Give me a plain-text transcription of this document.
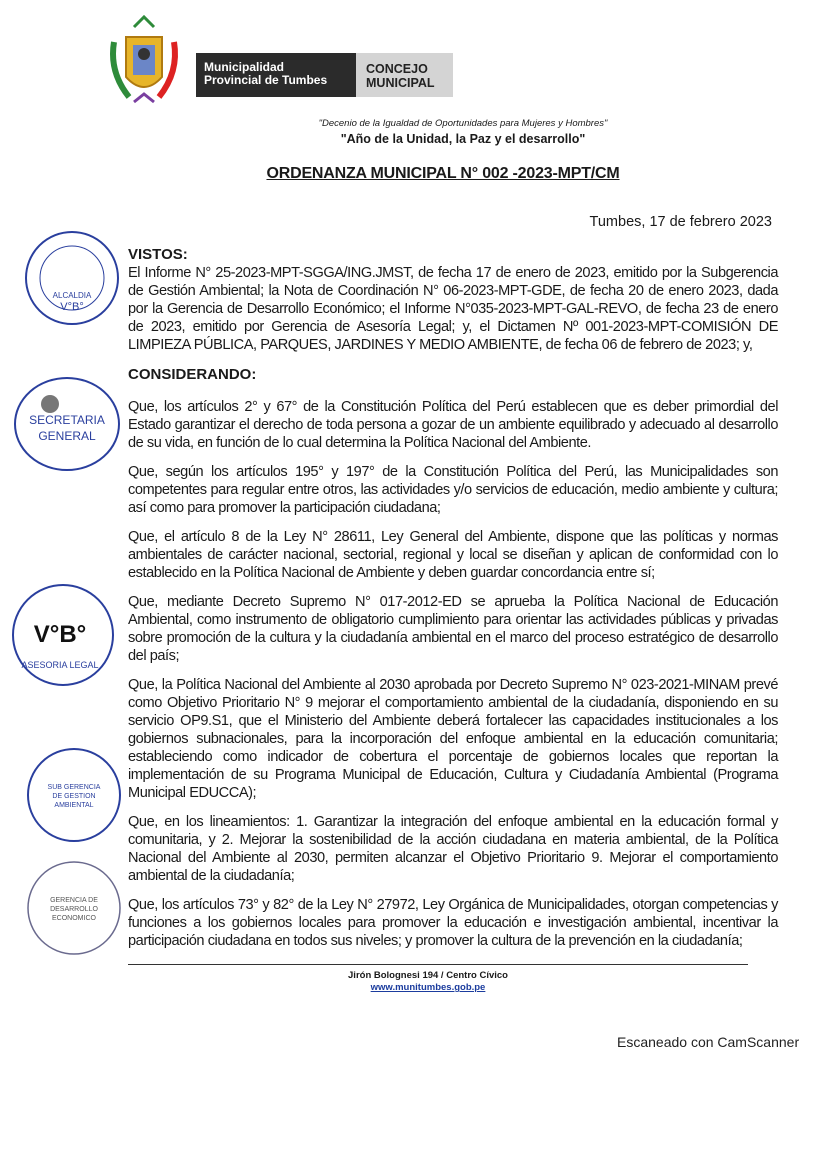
Municipalidad
Provincial de Tumbes
CONCEJO
MUNICIPAL
"Decenio de la Igualdad de Oportunidades para Mujeres y Hombres"
"Año de la Unidad, la Paz y el desarrollo"
ORDENANZA MUNICIPAL N° 002 -2023-MPT/CM
Tumbes, 17 de febrero 2023
ALCALDIA
V°B°
SECRETARIA
GENERAL
V°B°
ASESORIA LEGAL
SUB GERENCIA
DE GESTION
AMBIENTAL
GERENCIA DE
DESARROLLO
ECONOMICO
VISTOS:
El Informe N° 25-2023-MPT-SGGA/ING.JMST, de fecha 17 de enero de 2023, emitido por la Subgerencia de Gestión Ambiental; la Nota de Coordinación N° 06-2023-MPT-GDE, de fecha 20 de enero 2023, dada por la Gerencia de Desarrollo Económico; el Informe N°035-2023-MPT-GAL-REVO, de fecha 23 de enero de 2023, emitido por Gerencia de Asesoría Legal; y, el Dictamen Nº 001-2023-MPT-COMISIÓN DE LIMPIEZA PÚBLICA, PARQUES, JARDINES Y MEDIO AMBIENTE, de fecha 06 de febrero de 2023; y,
CONSIDERANDO:
Que, los artículos 2° y 67° de la Constitución Política del Perú establecen que es deber primordial del Estado garantizar el derecho de toda persona a gozar de un ambiente equilibrado y adecuado al desarrollo de su vida, en función de lo cual determina la Política Nacional del Ambiente.
Que, según los artículos 195° y 197° de la Constitución Política del Perú, las Municipalidades son competentes para regular entre otros, las actividades y/o servicios de educación, medio ambiente y cultura; así como para promover la participación ciudadana;
Que, el artículo 8 de la Ley N° 28611, Ley General del Ambiente, dispone que las políticas y normas ambientales de carácter nacional, sectorial, regional y local se diseñan y aplican de conformidad con lo establecido en la Política Nacional de Ambiente y deben guardar concordancia entre sí;
Que, mediante Decreto Supremo N° 017-2012-ED se aprueba la Política Nacional de Educación Ambiental, como instrumento de obligatorio cumplimiento para orientar las actividades públicas y privadas sobre promoción de la cultura y la ciudadanía ambiental en el marco del proceso estratégico de desarrollo del país;
Que, la Política Nacional del Ambiente al 2030 aprobada por Decreto Supremo N° 023-2021-MINAM prevé como Objetivo Prioritario N° 9 mejorar el comportamiento ambiental de la ciudadanía, disponiendo en su servicio OP9.S1, que el Ministerio del Ambiente deberá fortalecer las capacidades institucionales a los gobiernos subnacionales, para la incorporación del enfoque ambiental en la educación comunitaria; estableciendo como indicador de cobertura el porcentaje de gobiernos locales que reportan la implementación de su Programa Municipal de Educación, Cultura y Ciudadanía Ambiental (Programa Municipal EDUCCA);
Que, en los lineamientos: 1. Garantizar la integración del enfoque ambiental en la educación formal y comunitaria, y 2. Mejorar la sostenibilidad de la acción ciudadana en materia ambiental, de la Política Nacional del Ambiente al 2030, permiten alcanzar el Objetivo Prioritario 9. Mejorar el comportamiento ambiental de la ciudadanía;
Que, los artículos 73° y 82° de la Ley N° 27972, Ley Orgánica de Municipalidades, otorgan competencias y funciones a los gobiernos locales para promover la educación e investigación ambiental, incentivar la participación ciudadana en todos sus niveles; y promover la cultura de la prevención en la ciudadanía;
Jirón Bolognesi 194 / Centro Cívico
www.munitumbes.gob.pe
Escaneado con CamScanner
